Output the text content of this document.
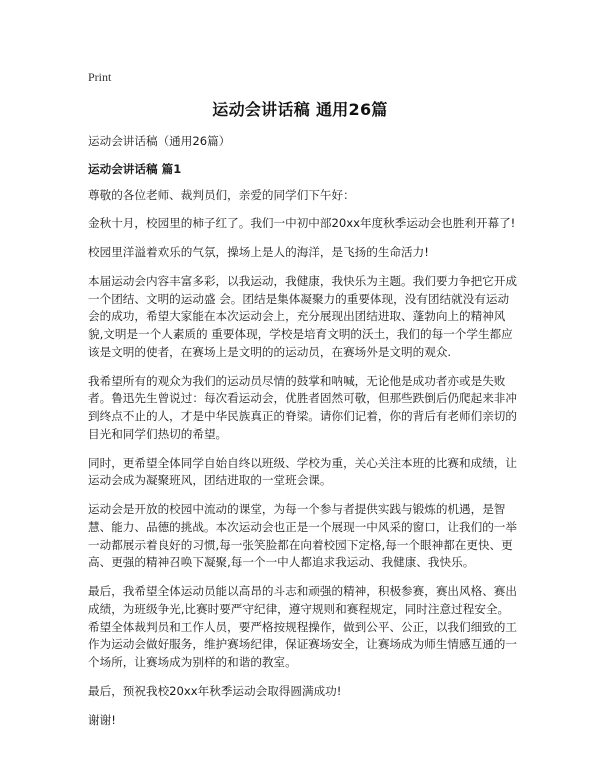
Print
运动会讲话稿 通用26篇

运动会讲话稿（通用26篇）

运动会讲话稿 篇1

尊敬的各位老师、裁判员们，亲爱的同学们下午好：

金秋十月，校园里的柿子红了。我们一中初中部20xx年度秋季运动会也胜利开幕了!

校园里洋溢着欢乐的气氛，操场上是人的海洋，是飞扬的生命活力!

本届运动会内容丰富多彩，以我运动，我健康，我快乐为主题。我们要力争把它开成一个团结、文明的运动盛 会。团结是集体凝聚力的重要体现，没有团结就没有运动会的成功，希望大家能在本次运动会上，充分展现出团结进取、蓬勃向上的精神风貌,文明是一个人素质的 重要体现，学校是培育文明的沃土，我们的每一个学生都应该是文明的使者，在赛场上是文明的的运动员，在赛场外是文明的观众.

我希望所有的观众为我们的运动员尽情的鼓掌和呐喊，无论他是成功者亦或是失败者。鲁迅先生曾说过：每次看运动会，优胜者固然可敬，但那些跌倒后仍爬起来非冲到终点不止的人，才是中华民族真正的脊梁。请你们记着，你的背后有老师们亲切的目光和同学们热切的希望。

同时，更希望全体同学自始自终以班级、学校为重，关心关注本班的比赛和成绩，让运动会成为凝聚班风，团结进取的一堂班会课。

运动会是开放的校园中流动的课堂，为每一个参与者提供实践与锻炼的机遇，是智慧、能力、品德的挑战。本次运动会也正是一个展现一中风采的窗口，让我们的一举一动都展示着良好的习惯,每一张笑脸都在向着校园下定格,每一个眼神都在更快、更高、更强的精神召唤下凝聚,每一个一中人都追求我运动、我健康、我快乐。

最后，我希望全体运动员能以高昂的斗志和顽强的精神，积极参赛，赛出风格、赛出成绩，为班级争光,比赛时要严守纪律，遵守规则和赛程规定，同时注意过程安全。希望全体裁判员和工作人员，要严格按规程操作，做到公平、公正，以我们细致的工作为运动会做好服务，维护赛场纪律，保证赛场安全，让赛场成为师生情感互通的一个场所，让赛场成为别样的和谐的教室。

最后，预祝我校20xx年秋季运动会取得圆满成功!

谢谢!
